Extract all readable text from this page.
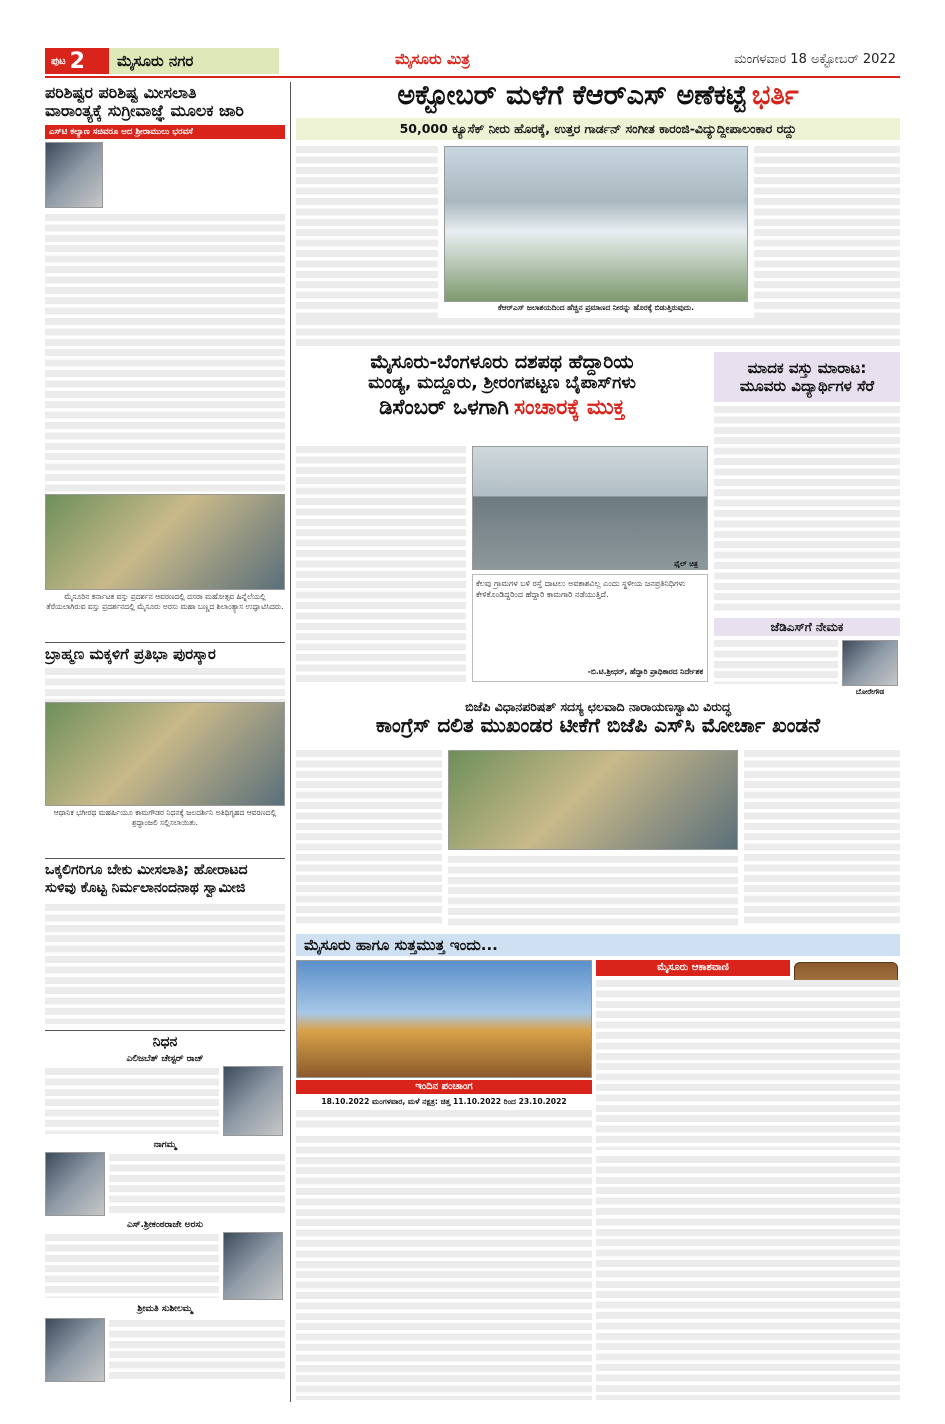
ಪುಟ 2	ಮೈಸೂರು ನಗರ	ಮೈಸೂರು ಮಿತ್ರ	ಮಂಗಳವಾರ 18 ಅಕ್ಟೋಬರ್ 2022
ಪರಿಶಿಷ್ಟರ ಪರಿಶಿಷ್ಟ ಮೀಸಲಾತಿ
ವಾರಾಂತ್ಯಕ್ಕೆ ಸುಗ್ರೀವಾಜ್ಞೆ ಮೂಲಕ ಜಾರಿ
ಎಸ್‌ಟಿ ಕಲ್ಯಾಣ ಸಚಿವರೂ ಆದ ಶ್ರೀರಾಮುಲು ಭರವಸೆ

ಮೈಸೂರಿನ ಕರ್ನಾಟಕ ವಸ್ತು ಪ್ರದರ್ಶನ ಆವರಣದಲ್ಲಿ ದಸರಾ ಮಹೋತ್ಸವ ಹಿನ್ನೆಲೆಯಲ್ಲಿ ತೆರೆಯಲಾಗಿರುವ ವಸ್ತು ಪ್ರದರ್ಶನದಲ್ಲಿ ಮೈಸೂರು ಅರಸು ಮಹಾ ಬಣ್ಣದ ಶಿಲಾಂತ್ಯಾಸ ಉದ್ಘಾಟಿಸಿದರು.
ಬ್ರಾಹ್ಮಣ ಮಕ್ಕಳಿಗೆ ಪ್ರತಿಭಾ ಪುರಸ್ಕಾರ
ಆಥಾನಿಕ ಭಗೀರಥ ಮಹರ್ಷಿಯೂ ಕಾಮಗೌಡರ ನಿಧನಕ್ಕೆ ಜಲದರ್ಶಿನಿ ಅತಿಥಿಗೃಹದ ಆವರಣದಲ್ಲಿ ಶ್ರದ್ಧಾಂಜಲಿ ಸಲ್ಲಿಸಲಾಯಿತು.
ಒಕ್ಕಲಿಗರಿಗೂ ಬೇಕು ಮೀಸಲಾತಿ; ಹೋರಾಟದ
ಸುಳಿವು ಕೊಟ್ಟ ನಿರ್ಮಲಾನಂದನಾಥ ಸ್ವಾಮೀಜಿ
ನಿಧನ
ಎಲಿಜಬೆತ್ ಚೇಸ್ಟರ್ ರಾಜ್
ನಾಗಮ್ಮ
ಎಸ್.ಶ್ರೀಕಂಠರಾಜೇ ಅರಸು
ಶ್ರೀಮತಿ ಸುಶೀಲಮ್ಮ
ಅಕ್ಟೋಬರ್ ಮಳೆಗೆ ಕೆಆರ್‌ಎಸ್ ಅಣೆಕಟ್ಟೆ ಭರ್ತಿ
50,000 ಕ್ಯೂಸೆಕ್ ನೀರು ಹೊರಕ್ಕೆ, ಉತ್ತರ ಗಾರ್ಡನ್ ಸಂಗೀತ ಕಾರಂಜಿ-ವಿದ್ಯುದ್ದೀಪಾಲಂಕಾರ ರದ್ದು
ಕೆಆರ್‌ಎಸ್ ಜಲಾಶಯದಿಂದ ಹೆಚ್ಚಿನ ಪ್ರಮಾಣದ ನೀರನ್ನು ಹೊರಕ್ಕೆ ಬಿಡುತ್ತಿರುವುದು.
ಮೈಸೂರು-ಬೆಂಗಳೂರು ದಶಪಥ ಹೆದ್ದಾರಿಯ
ಮಂಡ್ಯ, ಮದ್ದೂರು, ಶ್ರೀರಂಗಪಟ್ಟಣ ಬೈಪಾಸ್‌ಗಳು
ಡಿಸೆಂಬರ್ ಒಳಗಾಗಿ ಸಂಚಾರಕ್ಕೆ ಮುಕ್ತ
ಫೈಲ್ ಚಿತ್ರ
ಕೆಲವು ಗ್ರಾಮಗಳ ಬಳಿ ರಸ್ತೆ ದಾಟಲು ಅವಕಾಶವಿಲ್ಲ ಎಂದು ಸ್ಥಳೀಯ ಜನಪ್ರತಿನಿಧಿಗಳು ಕೇಳಿಕೊಂಡಿದ್ದರಿಂದ ಹೆದ್ದಾರಿ ಕಾಮಗಾರಿ ನಡೆಯುತ್ತಿದೆ.
-ಬಿ.ಟಿ.ಶ್ರೀಧರ್, ಹೆದ್ದಾರಿ ಪ್ರಾಧಿಕಾರದ ನಿರ್ದೇಶಕ
ಮಾದಕ ವಸ್ತು ಮಾರಾಟ:
ಮೂವರು ವಿದ್ಯಾರ್ಥಿಗಳ ಸೆರೆ
ಜೆಡಿಎಸ್‌ಗೆ ನೇಮಕ
ಬೋರೇಗೌಡ
ಬಿಜೆಪಿ ವಿಧಾನಪರಿಷತ್ ಸದಸ್ಯ ಛಲವಾದಿ ನಾರಾಯಣಸ್ವಾಮಿ ವಿರುದ್ಧ
ಕಾಂಗ್ರೆಸ್ ದಲಿತ ಮುಖಂಡರ ಟೀಕೆಗೆ ಬಿಜೆಪಿ ಎಸ್‌ಸಿ ಮೋರ್ಚಾ ಖಂಡನೆ
ಮೈಸೂರು ಹಾಗೂ ಸುತ್ತಮುತ್ತ ಇಂದು...
ಇಂದಿನ ಪಂಚಾಂಗ
18.10.2022 ಮಂಗಳವಾರ, ಮಳೆ ನಕ್ಷತ್ರ: ಚಿತ್ತ 11.10.2022 ರಿಂದ 23.10.2022
ಮೈಸೂರು ಆಕಾಶವಾಣಿ
